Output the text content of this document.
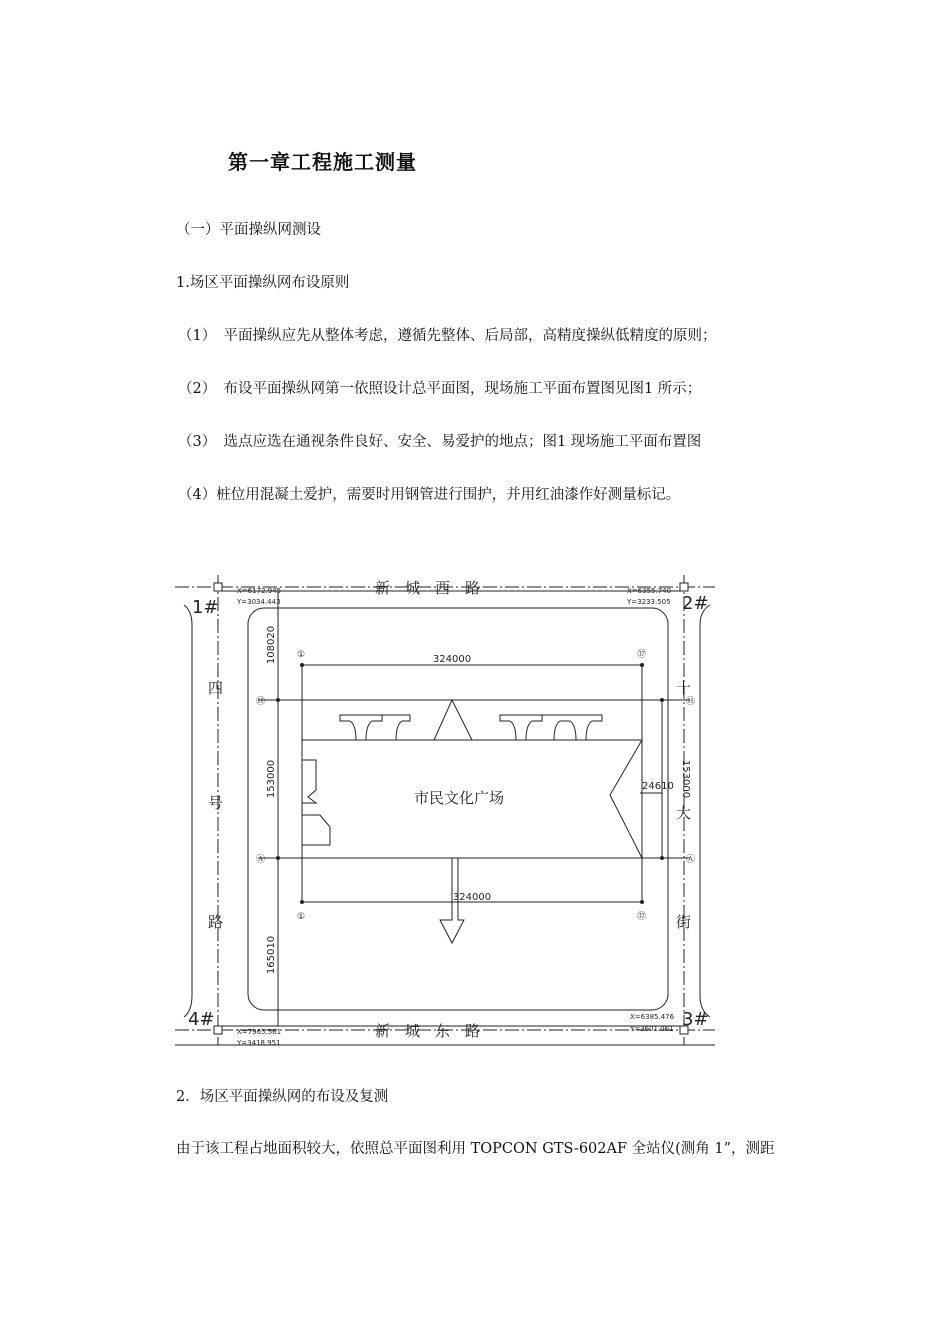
第一章工程施工测量
（一）平面操纵网测设
1.场区平面操纵网布设原则
（1）　平面操纵应先从整体考虑，遵循先整体、后局部，高精度操纵低精度的原则；
（2）　布设平面操纵网第一依照设计总平面图，现场施工平面布置图见图1 所示；
（3）　选点应选在通视条件良好、安全、易爱护的地点；图1 现场施工平面布置图
（4）桩位用混凝土爱护，需要时用钢管进行围护，并用红油漆作好测量标记。
新　城　西　路
新　城　东　路
四
号
路
十
大
街
市民文化广场
1#	2#
3#
4#
X=6172.945
Y=3034.443
X=6355.740
Y=3233.505
X=6385.476
Y=3601.061
X=7965.561
Y=3418.951
324000
324000
108020
153000
165010
153000
24610
Ⓗ	Ⓗ
Ⓐ	Ⓐ
①
①
㊲
㊲
2．场区平面操纵网的布设及复测
由于该工程占地面积较大，依照总平面图利用 TOPCON GTS-602AF 全站仪(测角 1”，测距
